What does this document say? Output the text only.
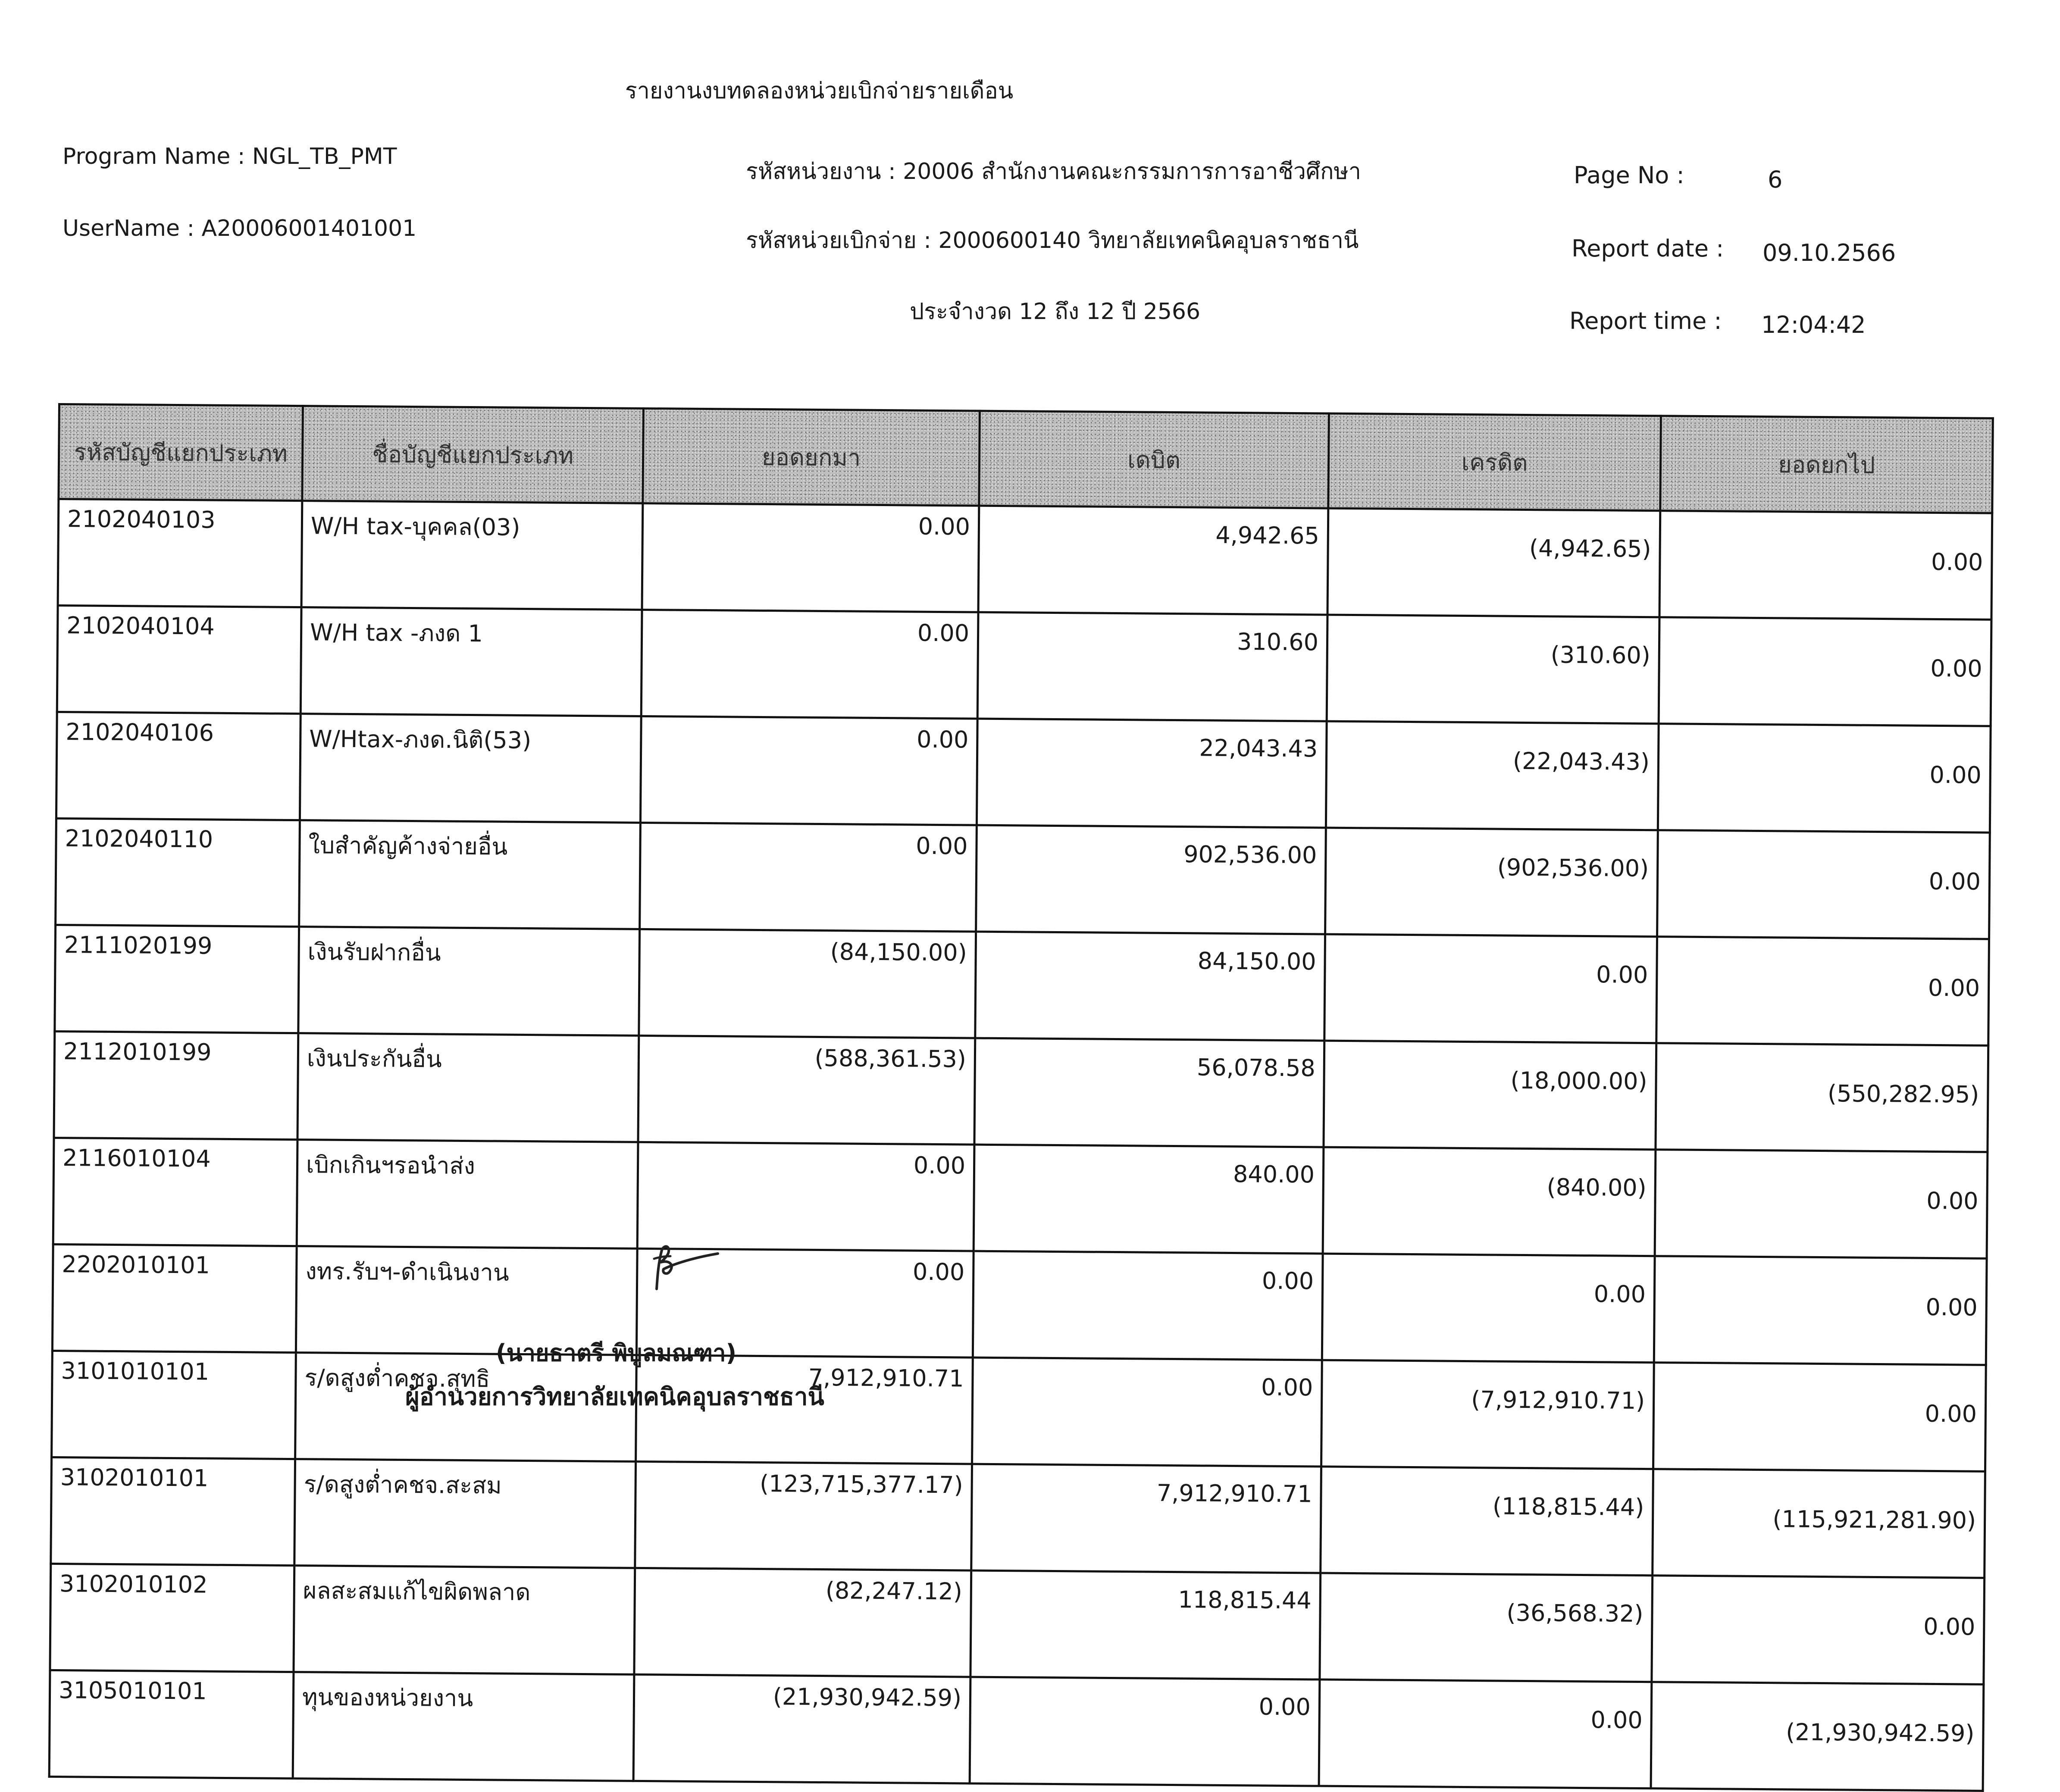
รายงานงบทดลองหน่วยเบิกจ่ายรายเดือน
Program Name : NGL_TB_PMT
UserName : A20006001401001
รหัสหน่วยงาน : 20006 สำนักงานคณะกรรมการการอาชีวศึกษา
รหัสหน่วยเบิกจ่าย : 2000600140 วิทยาลัยเทคนิคอุบลราชธานี
ประจำงวด 12 ถึง 12 ปี 2566
Page No :	6
Report date : 09.10.2566
Report time : 12:04:42
รหัสบัญชีแยกประเภท	ชื่อบัญชีแยกประเภท	ยอดยกมา	เดบิต	เครดิต	ยอดยกไป
2102040103	W/H tax-บุคคล(03)	0.00	4,942.65	(4,942.65)	0.00
2102040104	W/H tax -ภงด 1	0.00	310.60	(310.60)	0.00
2102040106	W/Htax-ภงด.นิติ(53)	0.00	22,043.43	(22,043.43)	0.00
2102040110	ใบสำคัญค้างจ่ายอื่น	0.00	902,536.00	(902,536.00)	0.00
2111020199	เงินรับฝากอื่น	(84,150.00)	84,150.00	0.00	0.00
2112010199	เงินประกันอื่น	(588,361.53)	56,078.58	(18,000.00)	(550,282.95)
2116010104	เบิกเกินฯรอนำส่ง	0.00	840.00	(840.00)	0.00
2202010101	งทร.รับฯ-ดำเนินงาน	0.00	0.00	0.00	0.00
3101010101	ร/ดสูงต่ำคชจ.สุทธิ	7,912,910.71	0.00	(7,912,910.71)	0.00
3102010101	ร/ดสูงต่ำคชจ.สะสม	(123,715,377.17)	7,912,910.71	(118,815.44)	(115,921,281.90)
3102010102	ผลสะสมแก้ไขผิดพลาด	(82,247.12)	118,815.44	(36,568.32)	0.00
3105010101	ทุนของหน่วยงาน	(21,930,942.59)	0.00	0.00	(21,930,942.59)
(นายธาตรี พิบูลมณฑา)
ผู้อำนวยการวิทยาลัยเทคนิคอุบลราชธานี
